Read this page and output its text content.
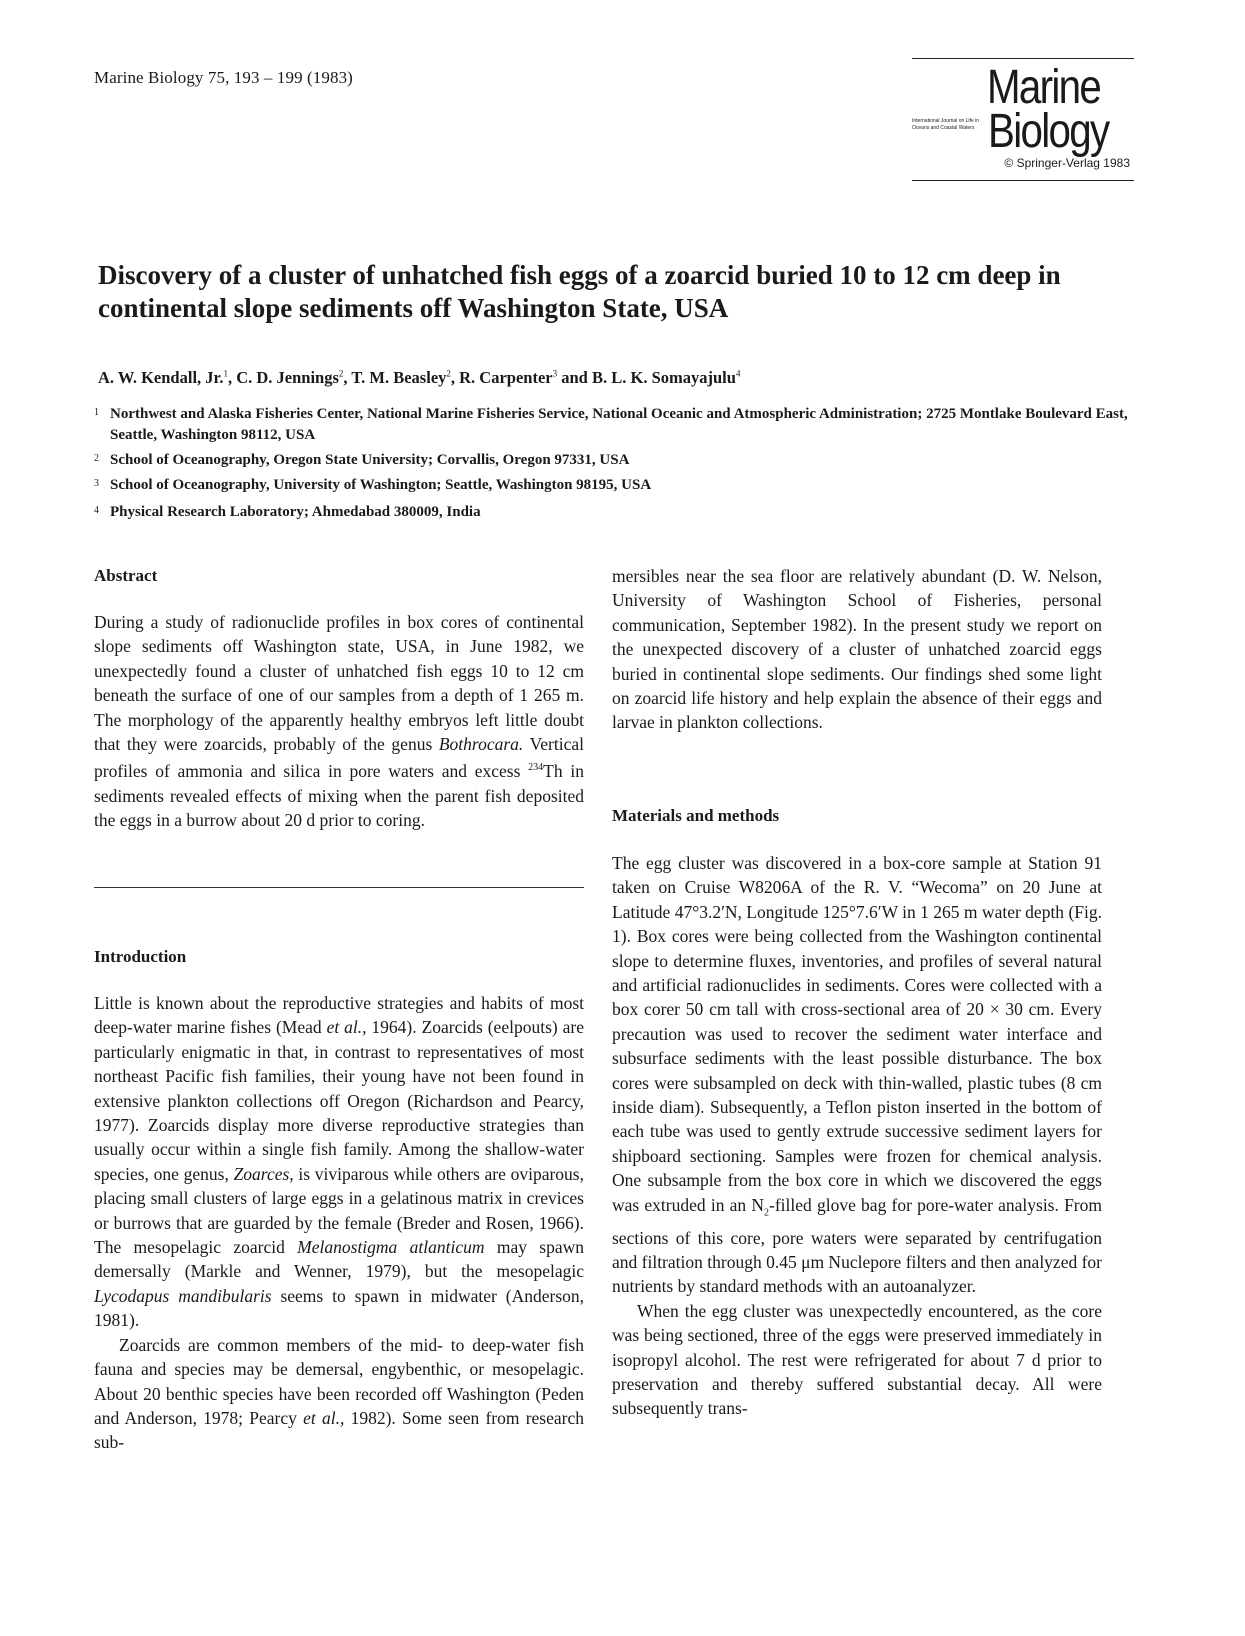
Marine Biology 75, 193 – 199 (1983)	Marine
International Journal on Life in Oceans and Coastal Waters Biology
© Springer-Verlag 1983
Discovery of a cluster of unhatched fish eggs of a zoarcid buried 10 to 12 cm deep in continental slope sediments off Washington State, USA
A. W. Kendall, Jr.$^1$, C. D. Jennings$^2$, T. M. Beasley$^2$, R. Carpenter$^3$ and B. L. K. Somayajulu$^4$
1 Northwest and Alaska Fisheries Center, National Marine Fisheries Service, National Oceanic and Atmospheric Administration; 2725 Montlake Boulevard East, Seattle, Washington 98112, USA
2 School of Oceanography, Oregon State University; Corvallis, Oregon 97331, USA
3 School of Oceanography, University of Washington; Seattle, Washington 98195, USA
4 Physical Research Laboratory; Ahmedabad 380009, India
Abstract

During a study of radionuclide profiles in box cores of continental slope sediments off Washington state, USA, in June 1982, we unexpectedly found a cluster of unhatched fish eggs 10 to 12 cm beneath the surface of one of our samples from a depth of 1 265 m. The morphology of the apparently healthy embryos left little doubt that they were zoarcids, probably of the genus Bothrocara. Vertical profiles of ammonia and silica in pore waters and excess $^{234}$Th in sediments revealed effects of mixing when the parent fish deposited the eggs in a burrow about 20 d prior to coring.

Introduction

Little is known about the reproductive strategies and habits of most deep-water marine fishes (Mead et al., 1964). Zoarcids (eelpouts) are particularly enigmatic in that, in contrast to representatives of most northeast Pacific fish families, their young have not been found in extensive plankton collections off Oregon (Richardson and Pearcy, 1977). Zoarcids display more diverse reproductive strategies than usually occur within a single fish family. Among the shallow-water species, one genus, Zoarces, is viviparous while others are oviparous, placing small clusters of large eggs in a gelatinous matrix in crevices or burrows that are guarded by the female (Breder and Rosen, 1966). The mesopelagic zoarcid Melanostigma atlanticum may spawn demersally (Markle and Wenner, 1979), but the mesopelagic Lycodapus mandibularis seems to spawn in midwater (Anderson, 1981).

Zoarcids are common members of the mid- to deep-water fish fauna and species may be demersal, engybenthic, or mesopelagic. About 20 benthic species have been recorded off Washington (Peden and Anderson, 1978; Pearcy et al., 1982). Some seen from research sub-

mersibles near the sea floor are relatively abundant (D. W. Nelson, University of Washington School of Fisheries, personal communication, September 1982). In the present study we report on the unexpected discovery of a cluster of unhatched zoarcid eggs buried in continental slope sediments. Our findings shed some light on zoarcid life history and help explain the absence of their eggs and larvae in plankton collections.

Materials and methods

The egg cluster was discovered in a box-core sample at Station 91 taken on Cruise W8206A of the R. V. “Wecoma” on 20 June at Latitude 47°3.2′N, Longitude 125°7.6′W in 1 265 m water depth (Fig. 1). Box cores were being collected from the Washington continental slope to determine fluxes, inventories, and profiles of several natural and artificial radionuclides in sediments. Cores were collected with a box corer 50 cm tall with cross-sectional area of 20 × 30 cm. Every precaution was used to recover the sediment water interface and subsurface sediments with the least possible disturbance. The box cores were subsampled on deck with thin-walled, plastic tubes (8 cm inside diam). Subsequently, a Teflon piston inserted in the bottom of each tube was used to gently extrude successive sediment layers for shipboard sectioning. Samples were frozen for chemical analysis. One subsample from the box core in which we discovered the eggs was extruded in an $N_2$-filled glove bag for pore-water analysis. From sections of this core, pore waters were separated by centrifugation and filtration through 0.45 μm Nuclepore filters and then analyzed for nutrients by standard methods with an autoanalyzer.

When the egg cluster was unexpectedly encountered, as the core was being sectioned, three of the eggs were preserved immediately in isopropyl alcohol. The rest were refrigerated for about 7 d prior to preservation and thereby suffered substantial decay. All were subsequently trans-
